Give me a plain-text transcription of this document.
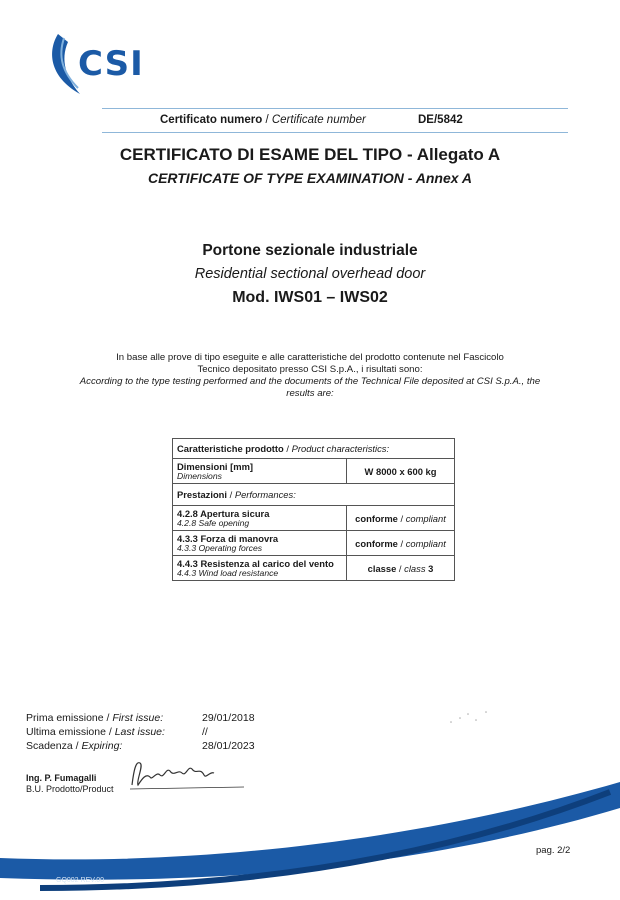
CSI
Certificato numero / Certificate number	DE/5842
CERTIFICATO DI ESAME DEL TIPO - Allegato A
CERTIFICATE OF TYPE EXAMINATION - Annex A
Portone sezionale industriale
Residential sectional overhead door
Mod. IWS01 – IWS02
In base alle prove di tipo eseguite e alle caratteristiche del prodotto contenute nel Fascicolo Tecnico depositato presso CSI S.p.A., i risultati sono:
According to the type testing performed and the documents of the Technical File deposited at CSI S.p.A., the results are:
Caratteristiche prodotto / Product characteristics:	

Dimensioni [mm]
Dimensions	W 8000 x 600 kg
Prestazioni / Performances:	

4.2.8 Apertura sicura
4.2.8 Safe opening	conforme / compliant

4.3.3 Forza di manovra
4.3.3 Operating forces	conforme / compliant

4.4.3 Resistenza al carico del vento
4.4.3 Wind load resistance	classe / class 3
Prima emissione / First issue:	29/01/2018
Ultima emissione / Last issue:	//
Scadenza / Expiring:	28/01/2023
Ing. P. Fumagalli
B.U. Prodotto/Product
pag. 2/2
GQ002 REV.00
